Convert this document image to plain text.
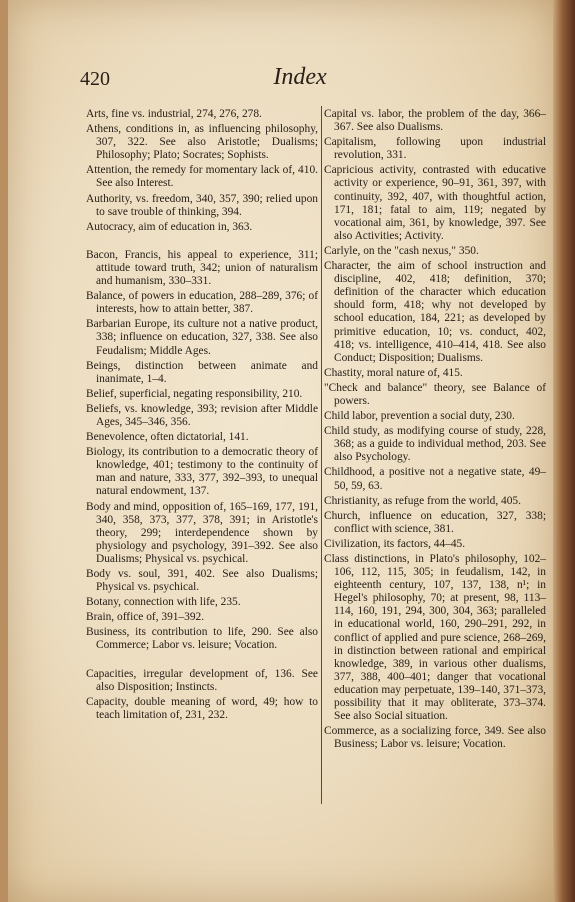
420	Index
Arts, fine vs. industrial, 274, 276, 278.
Athens, conditions in, as influencing philosophy, 307, 322. See also Aristotle; Dualisms; Philosophy; Plato; Socrates; Sophists.
Attention, the remedy for momentary lack of, 410. See also Interest.
Authority, vs. freedom, 340, 357, 390; relied upon to save trouble of thinking, 394.
Autocracy, aim of education in, 363.
Bacon, Francis, his appeal to experience, 311; attitude toward truth, 342; union of naturalism and humanism, 330–331.
Balance, of powers in education, 288–289, 376; of interests, how to attain better, 387.
Barbarian Europe, its culture not a native product, 338; influence on education, 327, 338. See also Feudalism; Middle Ages.
Beings, distinction between animate and inanimate, 1–4.
Belief, superficial, negating responsibility, 210.
Beliefs, vs. knowledge, 393; revision after Middle Ages, 345–346, 356.
Benevolence, often dictatorial, 141.
Biology, its contribution to a democratic theory of knowledge, 401; testimony to the continuity of man and nature, 333, 377, 392–393, to unequal natural endowment, 137.
Body and mind, opposition of, 165–169, 177, 191, 340, 358, 373, 377, 378, 391; in Aristotle's theory, 299; interdependence shown by physiology and psychology, 391–392. See also Dualisms; Physical vs. psychical.
Body vs. soul, 391, 402. See also Dualisms; Physical vs. psychical.
Botany, connection with life, 235.
Brain, office of, 391–392.
Business, its contribution to life, 290. See also Commerce; Labor vs. leisure; Vocation.
Capacities, irregular development of, 136. See also Disposition; Instincts.
Capacity, double meaning of word, 49; how to teach limitation of, 231, 232.
Capital vs. labor, the problem of the day, 366–367. See also Dualisms.
Capitalism, following upon industrial revolution, 331.
Capricious activity, contrasted with educative activity or experience, 90–91, 361, 397, with continuity, 392, 407, with thoughtful action, 171, 181; fatal to aim, 119; negated by vocational aim, 361, by knowledge, 397. See also Activities; Activity.
Carlyle, on the "cash nexus," 350.
Character, the aim of school instruction and discipline, 402, 418; definition, 370; definition of the character which education should form, 418; why not developed by school education, 184, 221; as developed by primitive education, 10; vs. conduct, 402, 418; vs. intelligence, 410–414, 418. See also Conduct; Disposition; Dualisms.
Chastity, moral nature of, 415.
"Check and balance" theory, see Balance of powers.
Child labor, prevention a social duty, 230.
Child study, as modifying course of study, 228, 368; as a guide to individual method, 203. See also Psychology.
Childhood, a positive not a negative state, 49–50, 59, 63.
Christianity, as refuge from the world, 405.
Church, influence on education, 327, 338; conflict with science, 381.
Civilization, its factors, 44–45.
Class distinctions, in Plato's philosophy, 102–106, 112, 115, 305; in feudalism, 142, in eighteenth century, 107, 137, 138, n¹; in Hegel's philosophy, 70; at present, 98, 113–114, 160, 191, 294, 300, 304, 363; paralleled in educational world, 160, 290–291, 292, in conflict of applied and pure science, 268–269, in distinction between rational and empirical knowledge, 389, in various other dualisms, 377, 388, 400–401; danger that vocational education may perpetuate, 139–140, 371–373, possibility that it may obliterate, 373–374. See also Social situation.
Commerce, as a socializing force, 349. See also Business; Labor vs. leisure; Vocation.
